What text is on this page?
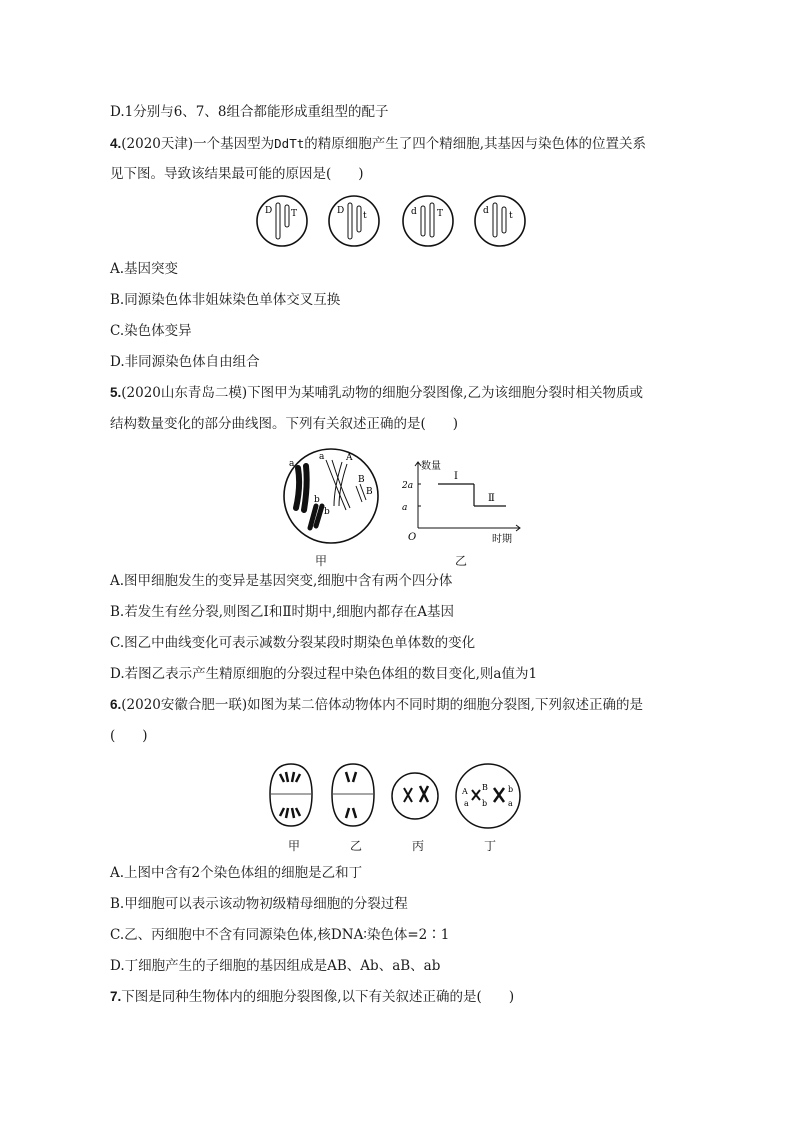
D.1分别与6、7、8组合都能形成重组型的配子
4.(2020天津)一个基因型为DdTt的精原细胞产生了四个精细胞,其基因与染色体的位置关系
见下图。导致该结果最可能的原因是(　　)
D T	D t	d T	d t
A.基因突变
B.同源染色体非姐妹染色单体交叉互换
C.染色体变异
D.非同源染色体自由组合
5.(2020山东青岛二模)下图甲为某哺乳动物的细胞分裂图像,乙为该细胞分裂时相关物质或
结构数量变化的部分曲线图。下列有关叙述正确的是(　　)
a
a A
B
B
b
b
甲
数量
时期
O
2a
a
Ⅰ
Ⅱ
乙
A.图甲细胞发生的变异是基因突变,细胞中含有两个四分体
B.若发生有丝分裂,则图乙Ⅰ和Ⅱ时期中,细胞内都存在A基因
C.图乙中曲线变化可表示减数分裂某段时期染色单体数的变化
D.若图乙表示产生精原细胞的分裂过程中染色体组的数目变化,则a值为1
6.(2020安徽合肥一联)如图为某二倍体动物体内不同时期的细胞分裂图,下列叙述正确的是
(　　)
A
a
B
b
b
a
甲	乙	丙	丁
A.上图中含有2个染色体组的细胞是乙和丁
B.甲细胞可以表示该动物初级精母细胞的分裂过程
C.乙、丙细胞中不含有同源染色体,核DNA∶染色体=2∶1
D.丁细胞产生的子细胞的基因组成是AB、Ab、aB、ab
7.下图是同种生物体内的细胞分裂图像,以下有关叙述正确的是(　　)
